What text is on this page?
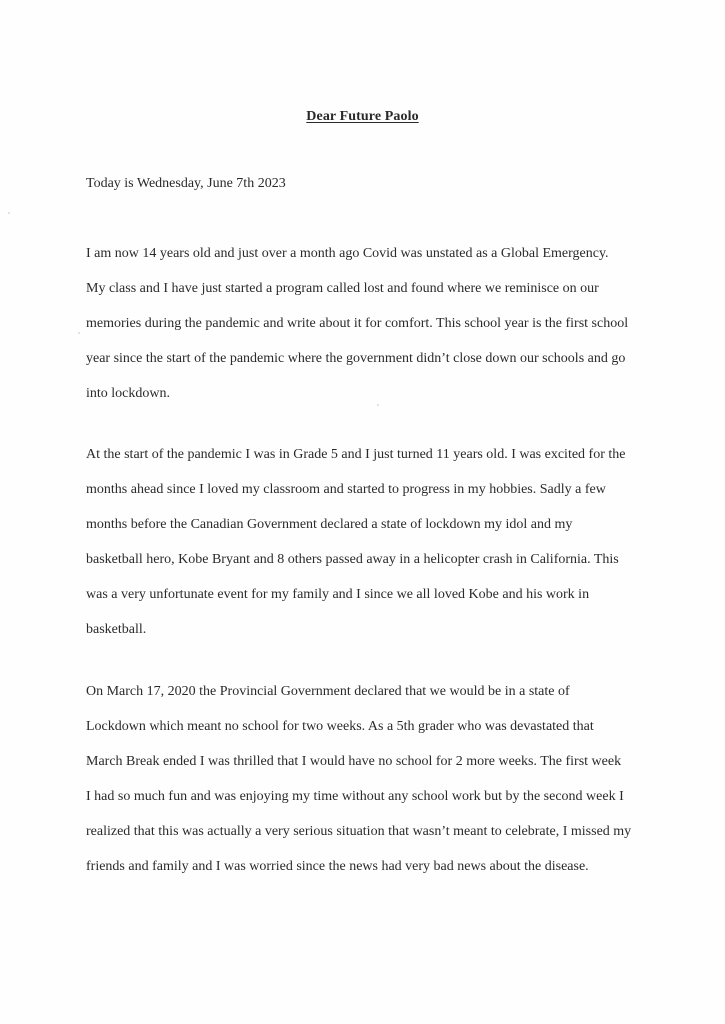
Dear Future Paolo
Today is Wednesday, June 7th 2023
I am now 14 years old and just over a month ago Covid was unstated as a Global Emergency.
My class and I have just started a program called lost and found where we reminisce on our
memories during the pandemic and write about it for comfort. This school year is the first school
year since the start of the pandemic where the government didn’t close down our schools and go
into lockdown.
At the start of the pandemic I was in Grade 5 and I just turned 11 years old. I was excited for the
months ahead since I loved my classroom and started to progress in my hobbies. Sadly a few
months before the Canadian Government declared a state of lockdown my idol and my
basketball hero, Kobe Bryant and 8 others passed away in a helicopter crash in California. This
was a very unfortunate event for my family and I since we all loved Kobe and his work in
basketball.
On March 17, 2020 the Provincial Government declared that we would be in a state of
Lockdown which meant no school for two weeks. As a 5th grader who was devastated that
March Break ended I was thrilled that I would have no school for 2 more weeks. The first week
I had so much fun and was enjoying my time without any school work but by the second week I
realized that this was actually a very serious situation that wasn’t meant to celebrate, I missed my
friends and family and I was worried since the news had very bad news about the disease.
